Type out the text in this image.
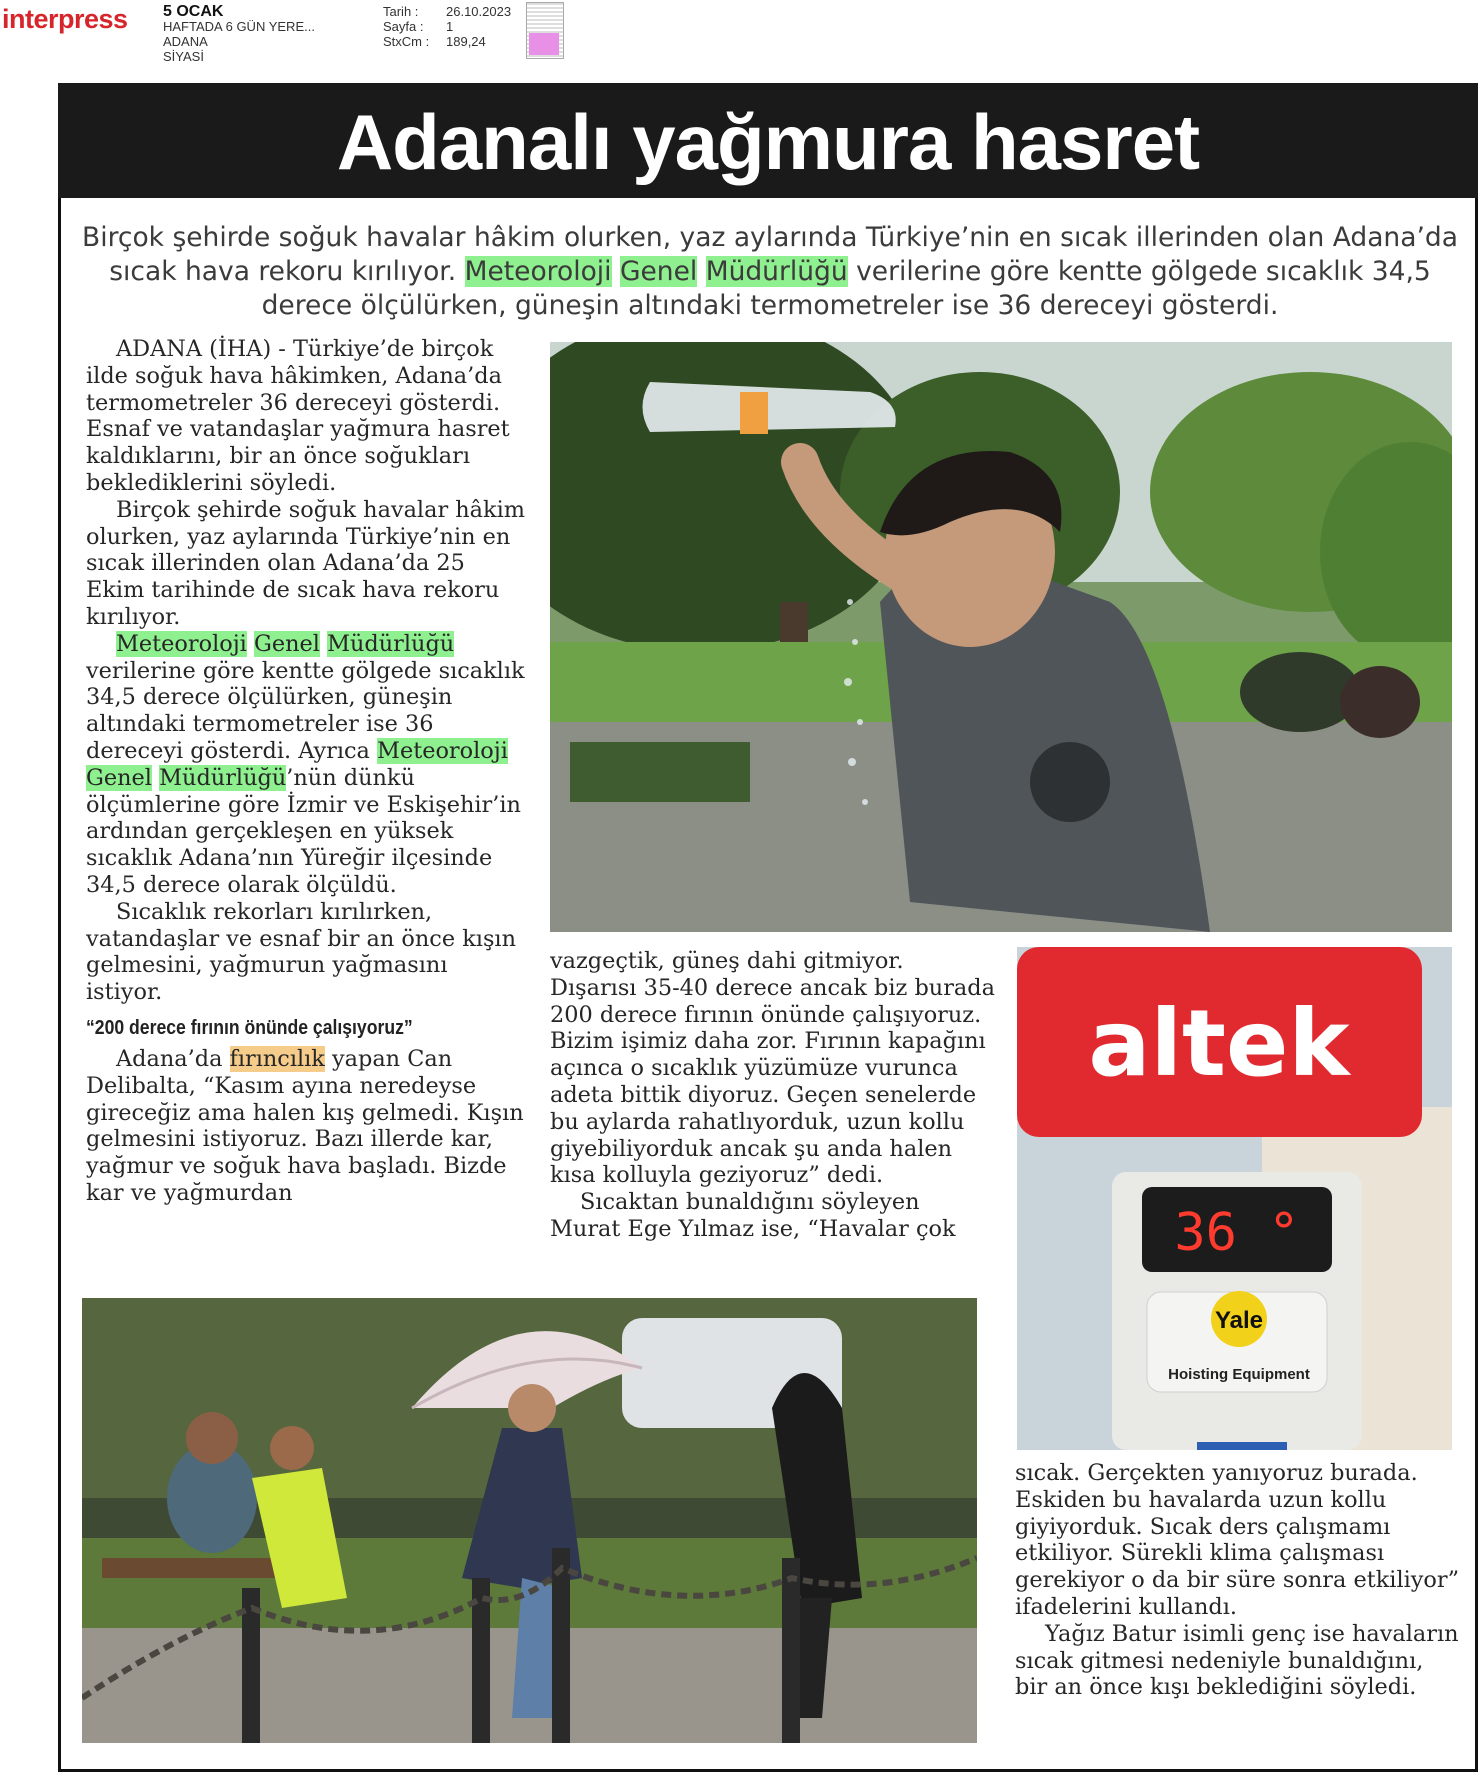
interpress 5 OCAK
HAFTADA 6 GÜN YERE...
ADANA
SİYASİ
Tarih :	26.10.2023
Sayfa :	1
StxCm :	189,24
Adanalı yağmura hasret
Birçok şehirde soğuk havalar hâkim olurken, yaz aylarında Türkiye’nin en sıcak illerinden olan Adana’da sıcak hava rekoru kırılıyor. Meteoroloji Genel Müdürlüğü verilerine göre kentte gölgede sıcaklık 34,5 derece ölçülürken, güneşin altındaki termometreler ise 36 dereceyi gösterdi.

ADANA (İHA) - Türkiye’de birçok ilde soğuk hava hâkimken, Adana’da termometreler 36 dereceyi gösterdi. Esnaf ve vatandaşlar yağmura hasret kaldıklarını, bir an önce soğukları beklediklerini söyledi.

Birçok şehirde soğuk havalar hâkim olurken, yaz aylarında Türkiye’nin en sıcak illerinden olan Adana’da 25 Ekim tarihinde de sıcak hava rekoru kırılıyor.

Meteoroloji Genel Müdürlüğü verilerine göre kentte gölgede sıcaklık 34,5 derece ölçülürken, güneşin altındaki termometreler ise 36 dereceyi gösterdi. Ayrıca Meteoroloji Genel Müdürlüğü’nün dünkü ölçümlerine göre İzmir ve Eskişehir’in ardından gerçekleşen en yüksek sıcaklık Adana’nın Yüreğir ilçesinde 34,5 derece olarak ölçüldü.

Sıcaklık rekorları kırılırken, vatandaşlar ve esnaf bir an önce kışın gelmesini, yağmurun yağmasını istiyor.

“200 derece fırının önünde çalışıyoruz”

Adana’da fırıncılık yapan Can Delibalta, “Kasım ayına neredeyse gireceğiz ama halen kış gelmedi. Kışın gelmesini istiyoruz. Bazı illerde kar, yağmur ve soğuk hava başladı. Bizde kar ve yağmurdan

vazgeçtik, güneş dahi gitmiyor. Dışarısı 35-40 derece ancak biz burada 200 derece fırının önünde çalışıyoruz. Bizim işimiz daha zor. Fırının kapağını açınca o sıcaklık yüzümüze vurunca adeta bittik diyoruz. Geçen senelerde bu aylarda rahatlıyorduk, uzun kollu giyebiliyorduk ancak şu anda halen kısa kolluyla geziyoruz” dedi.

Sıcaktan bunaldığını söyleyen Murat Ege Yılmaz ise, “Havalar çok

sıcak. Gerçekten yanıyoruz burada. Eskiden bu havalarda uzun kollu giyiyorduk. Sıcak ders çalışmamı etkiliyor. Sürekli klima çalışması gerekiyor o da bir süre sonra etkiliyor” ifadelerini kullandı.

Yağız Batur isimli genç ise havaların sıcak gitmesi nedeniyle bunaldığını, bir an önce kışı beklediğini söyledi.

altek
36 °
Yale
Hoisting Equipment
